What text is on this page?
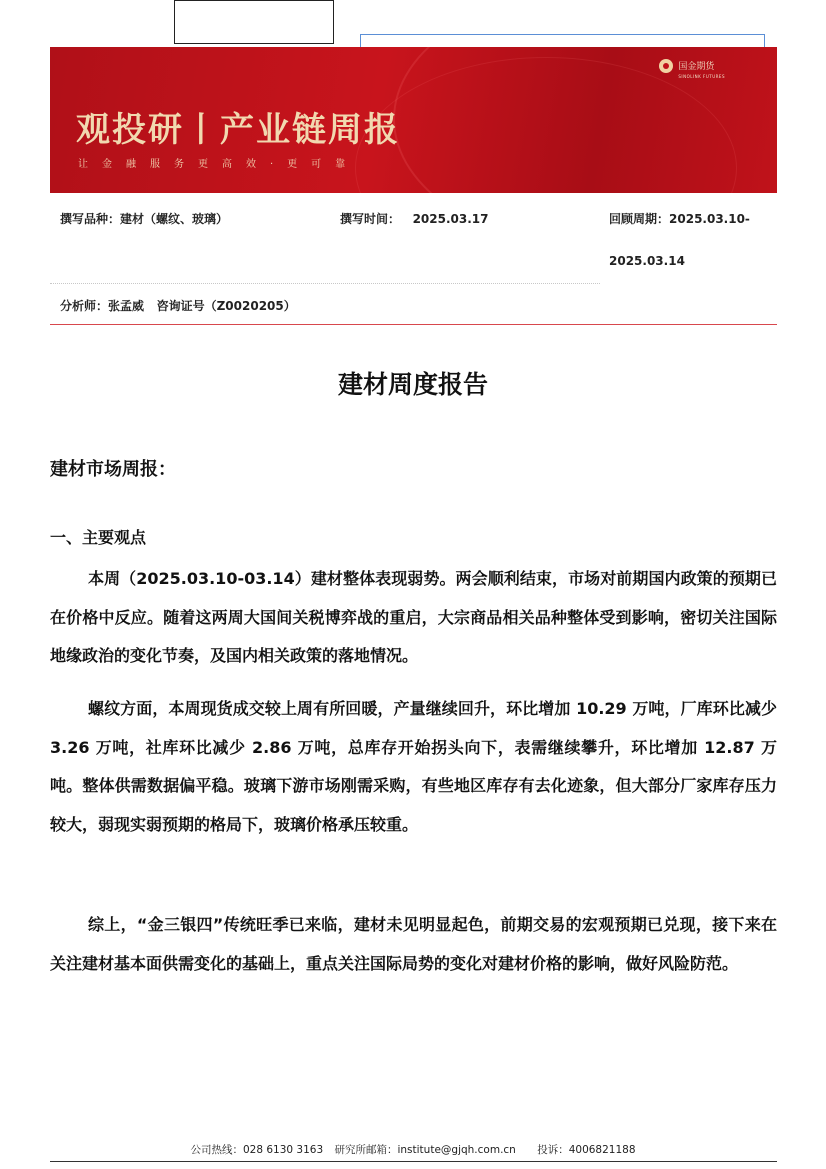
国金期货
SINOLINK FUTURES
观投研丨产业链周报
让金融服务更高效·更可靠
撰写品种：建材（螺纹、玻璃）	撰写时间： 2025.03.17	回顾周期：2025.03.10-
2025.03.14
分析师：张孟威 咨询证号（Z0020205）
建材周度报告
建材市场周报：
一、主要观点
本周（2025.03.10-03.14）建材整体表现弱势。两会顺利结束，市场对前期国内政策的预期已在价格中反应。随着这两周大国间关税博弈战的重启，大宗商品相关品种整体受到影响，密切关注国际地缘政治的变化节奏，及国内相关政策的落地情况。
螺纹方面，本周现货成交较上周有所回暖，产量继续回升，环比增加 10.29 万吨，厂库环比减少 3.26 万吨，社库环比减少 2.86 万吨，总库存开始拐头向下，表需继续攀升，环比增加 12.87 万吨。整体供需数据偏平稳。玻璃下游市场刚需采购，有些地区库存有去化迹象，但大部分厂家库存压力较大，弱现实弱预期的格局下，玻璃价格承压较重。
综上，“金三银四”传统旺季已来临，建材未见明显起色，前期交易的宏观预期已兑现，接下来在关注建材基本面供需变化的基础上，重点关注国际局势的变化对建材价格的影响，做好风险防范。
公司热线：028 6130 3163 研究所邮箱：institute@gjqh.com.cn 投诉：4006821188
